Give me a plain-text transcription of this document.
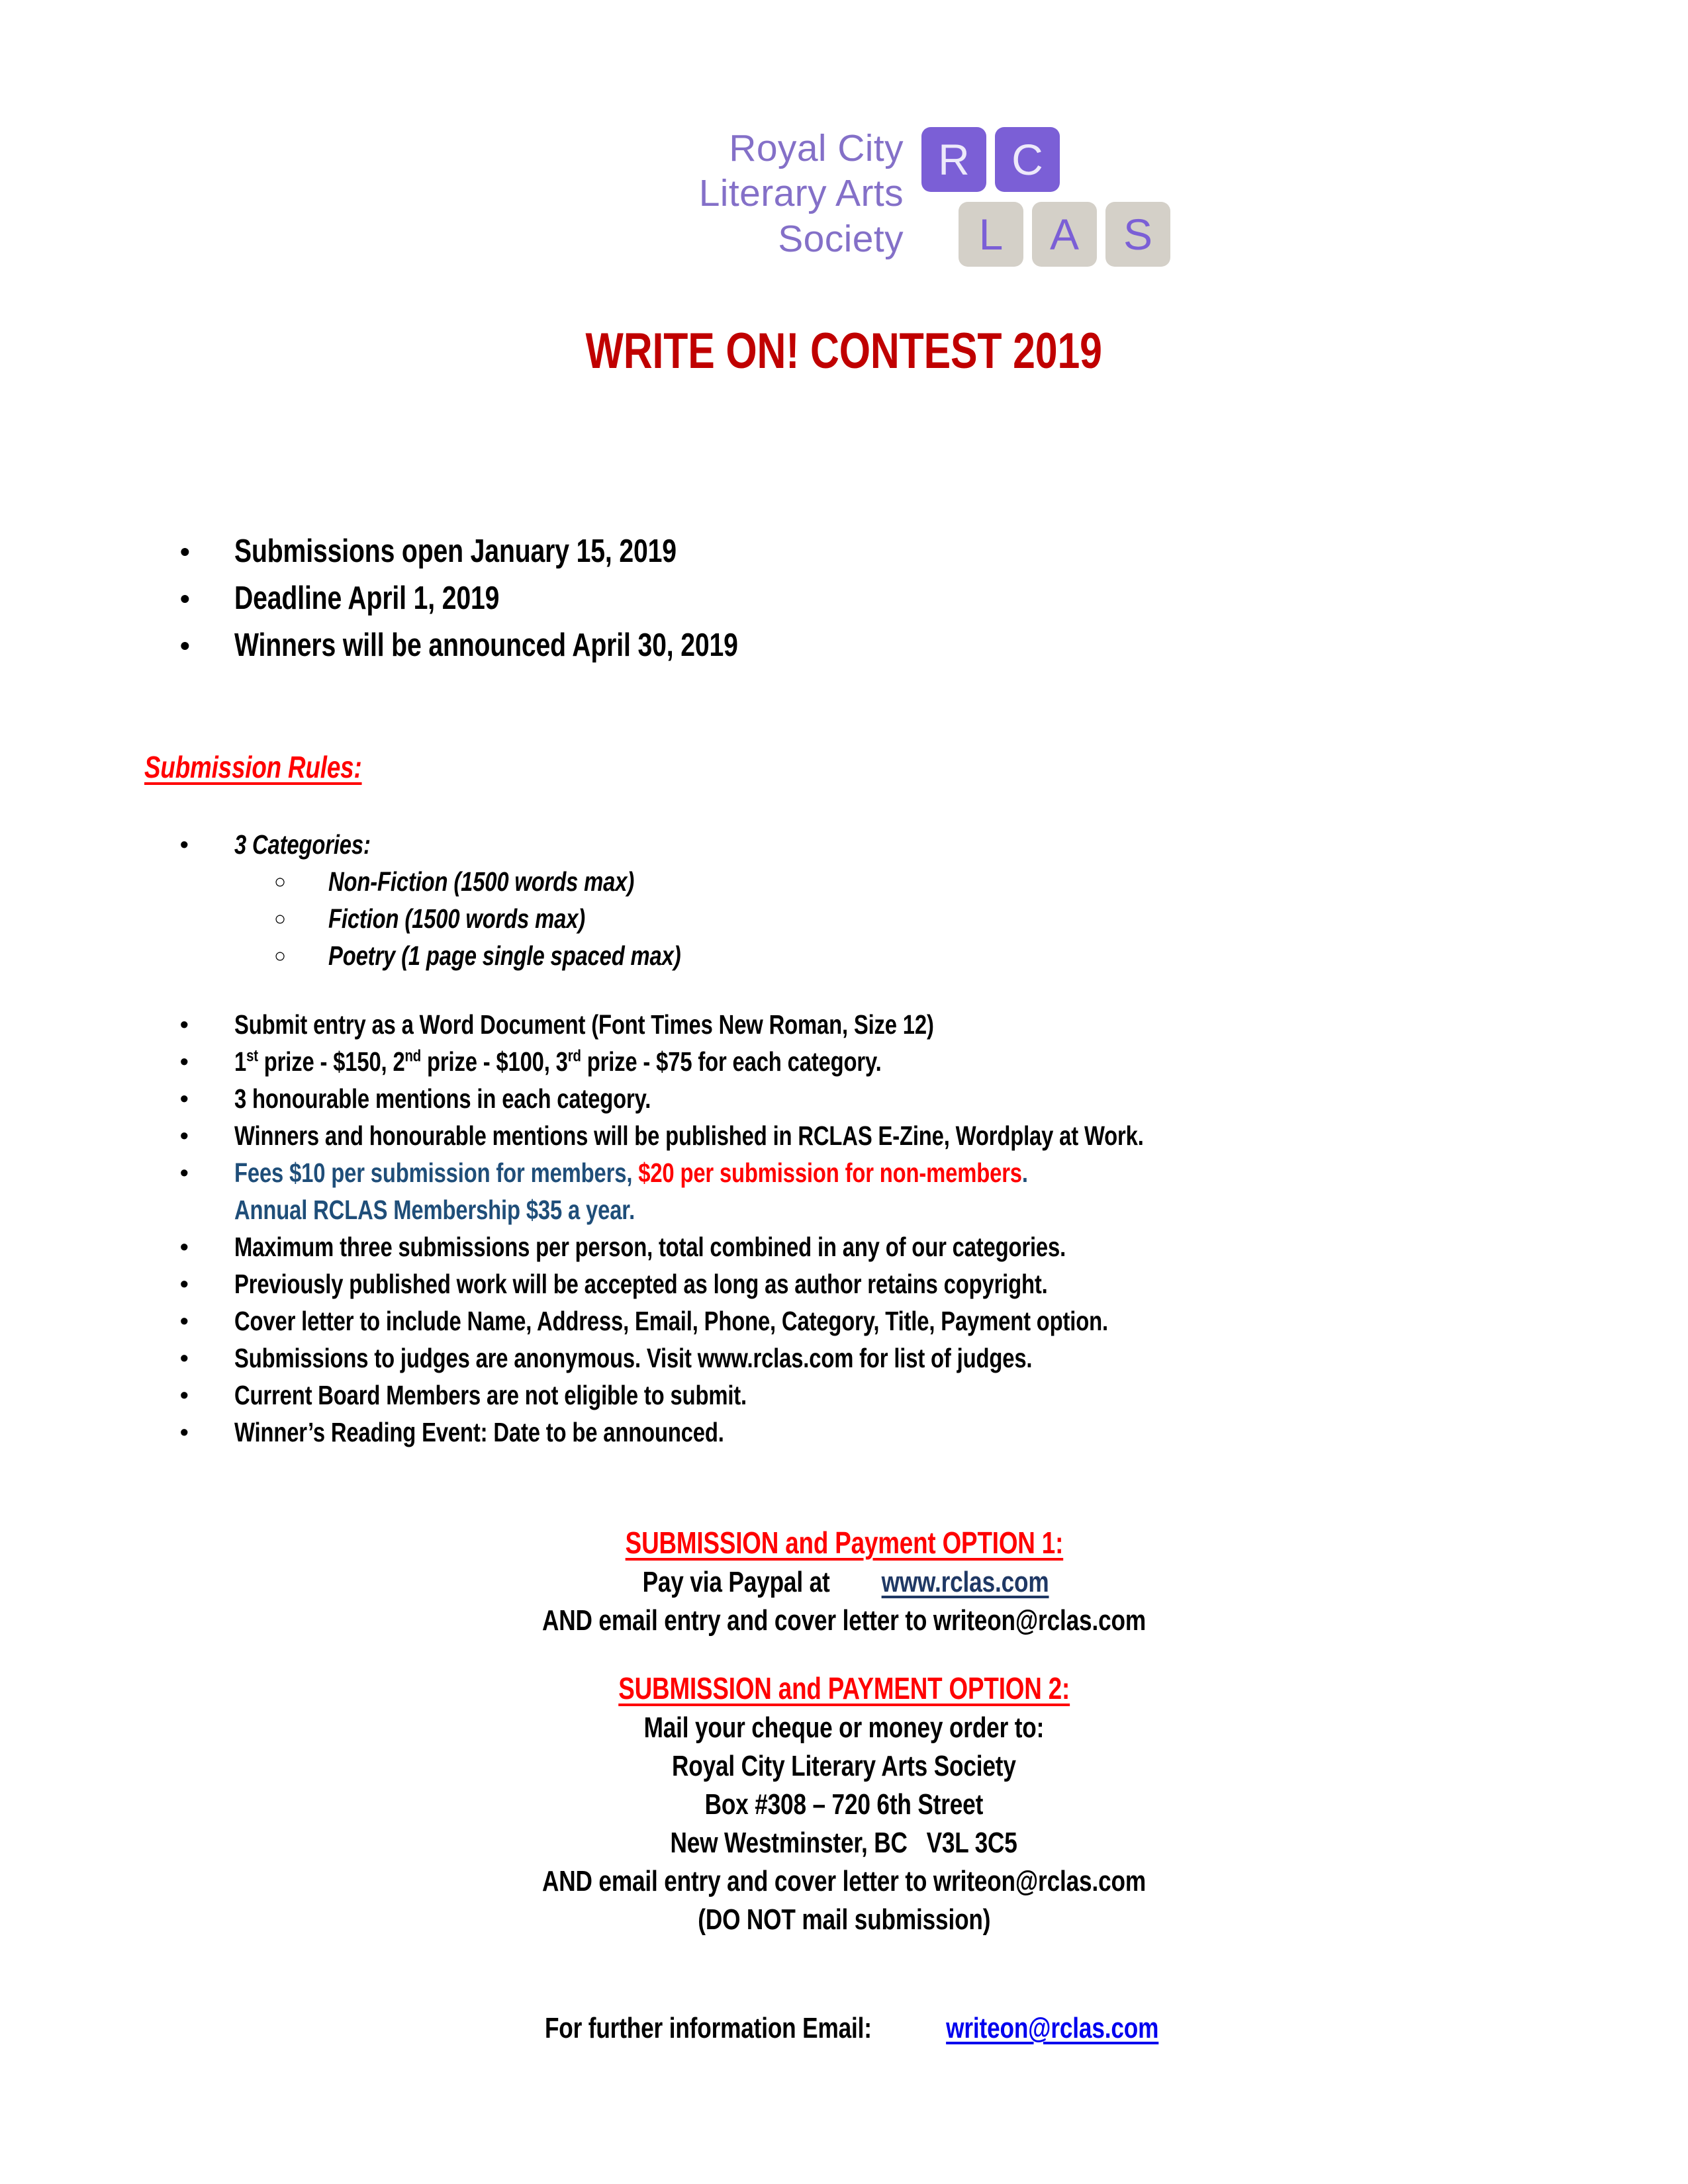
Royal City
Literary Arts
Society
R C
L	A	S
WRITE ON! CONTEST 2019
• Submissions open January 15, 2019
• Deadline April 1, 2019
• Winners will be announced April 30, 2019
Submission Rules:
• 3 Categories:
○ Non-Fiction (1500 words max)
○ Fiction (1500 words max)
○ Poetry (1 page single spaced max)
• Submit entry as a Word Document (Font Times New Roman, Size 12)
• 1st prize - $150, 2nd prize - $100, 3rd prize - $75 for each category.
• 3 honourable mentions in each category.
• Winners and honourable mentions will be published in RCLAS E-Zine, Wordplay at Work.
• Fees $10 per submission for members, $20 per submission for non-members.
Annual RCLAS Membership $35 a year.
• Maximum three submissions per person, total combined in any of our categories.
• Previously published work will be accepted as long as author retains copyright.
• Cover letter to include Name, Address, Email, Phone, Category, Title, Payment option.
• Submissions to judges are anonymous. Visit www.rclas.com for list of judges.
• Current Board Members are not eligible to submit.
• Winner’s Reading Event: Date to be announced.
SUBMISSION and Payment OPTION 1:
Pay via Paypal at www.rclas.com
AND email entry and cover letter to writeon@rclas.com
SUBMISSION and PAYMENT OPTION 2:
Mail your cheque or money order to:
Royal City Literary Arts Society
Box #308 – 720 6th Street
New Westminster, BC   V3L 3C5
AND email entry and cover letter to writeon@rclas.com
(DO NOT mail submission)
For further information Email: writeon@rclas.com
